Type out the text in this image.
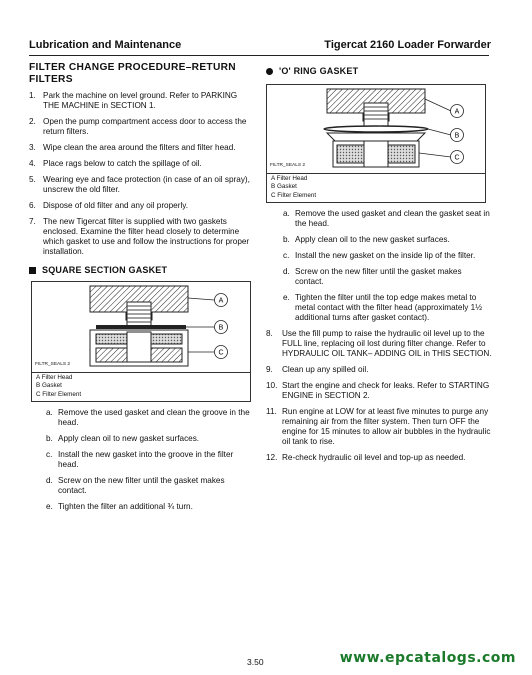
Lubrication and Maintenance	Tigercat 2160 Loader Forwarder
FILTER CHANGE PROCEDURE–RETURN FILTERS
1. Park the machine on level ground. Refer to PARKING THE MACHINE in SECTION 1.
2. Open the pump compartment access door to access the return filters.
3. Wipe clean the area around the filters and filter head.
4. Place rags below to catch the spillage of oil.
5. Wearing eye and face protection (in case of an oil spray), unscrew the old filter.
6. Dispose of old filter and any oil properly.
7. The new Tigercat filter is supplied with two gaskets enclosed. Examine the filter head closely to determine which gasket to use and follow the instructions for proper installation.
SQUARE SECTION GASKET
A
B
C
FILTR_SEALS 2
A Filter Head
B Gasket
C Filter Element
a. Remove the used gasket and clean the groove in the head.
b. Apply clean oil to new gasket surfaces.
c. Install the new gasket into the groove in the filter head.
d. Screw on the new filter until the gasket makes contact.
e. Tighten the filter an additional ¾ turn.
'O' RING GASKET
A
B
C
FILTR_SEALS 2
A Filter Head
B Gasket
C Filter Element
a. Remove the used gasket and clean the gasket seat in the head.
b. Apply clean oil to the new gasket surfaces.
c. Install the new gasket on the inside lip of the filter.
d. Screw on the new filter until the gasket makes contact.
e. Tighten the filter until the top edge makes metal to metal contact with the filter head (approximately 1½ additional turns after gasket contact).
8. Use the fill pump to raise the hydraulic oil level up to the FULL line, replacing oil lost during filter change. Refer to HYDRAULIC OIL TANK– ADDING OIL in THIS SECTION.
9. Clean up any spilled oil.
10. Start the engine and check for leaks. Refer to STARTING ENGINE in SECTION 2.
11. Run engine at LOW for at least five minutes to purge any remaining air from the filter system. Then turn OFF the engine for 15 minutes to allow air bubbles in the hydraulic oil tank to rise.
12. Re-check hydraulic oil level and top-up as needed.
3.50	www.epcatalogs.com
